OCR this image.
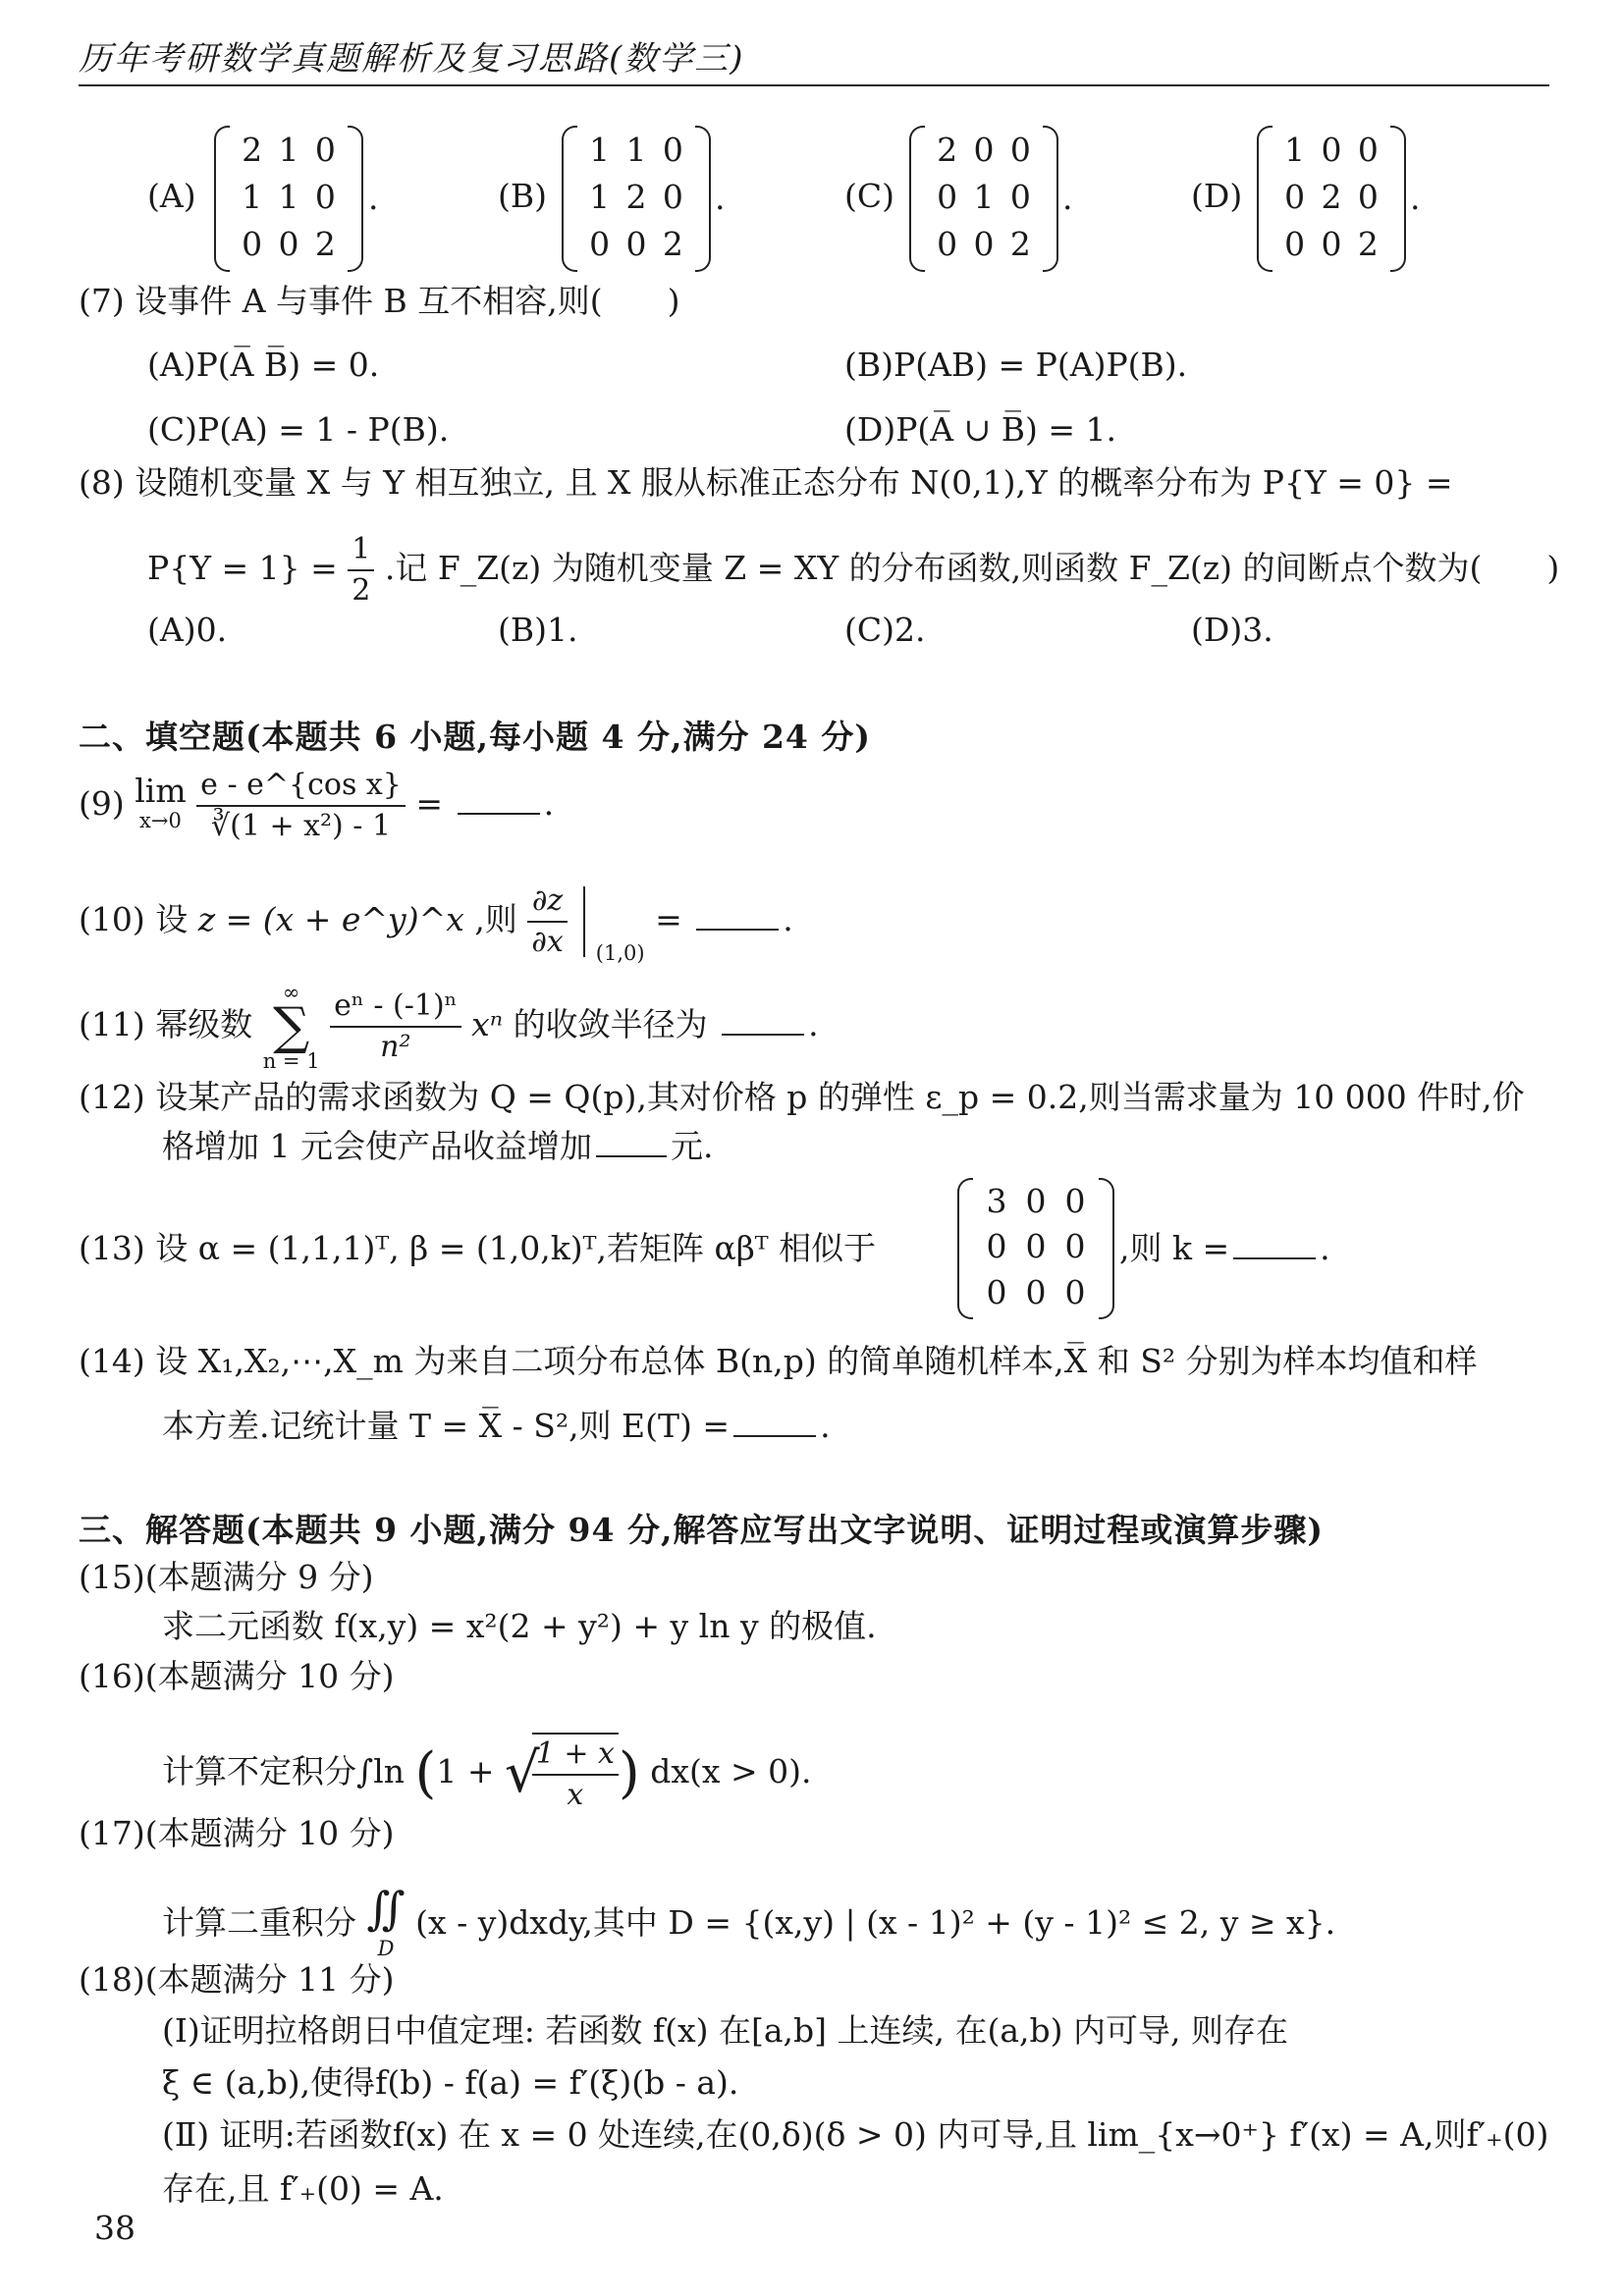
历年考研数学真题解析及复习思路(数学三)
(A)
2 1 0
1 1 0
0 0 2
.	(B)
1 1 0
1 2 0
0 0 2
.	(C)
2 0 0
0 1 0
0 0 2
.	(D)
1 0 0
0 2 0
0 0 2
.
(7) 设事件 A 与事件 B 互不相容,则(　　)
(A)P(A̅ B̅) = 0.	(B)P(AB) = P(A)P(B).
(C)P(A) = 1 - P(B).	(D)P(A̅ ∪ B̅) = 1.
(8) 设随机变量 X 与 Y 相互独立, 且 X 服从标准正态分布 N(0,1),Y 的概率分布为 P{Y = 0} =
$P\{Y = 1\} = \frac{1}{2}$ .记 F_Z(z) 为随机变量 Z = XY 的分布函数,则函数 F_Z(z) 的间断点个数为(　　)
(A)0.	(B)1.	(C)2.	(D)3.
二、填空题(本题共 6 小题,每小题 4 分,满分 24 分)
(9) lim
x→0
$\frac{\text{e - e\textasciicircum{}\{cos x\}}}{\text{∛(1 + x²) - 1}}$ =	.
(10) 设 z = (x + e^y)^x ,则 $\frac{\partial z}{\partial x} _{(1,0)}$ =	.
(11) 幂级数
∞
∑
n = 1
$\frac{\text{eⁿ - (-1)ⁿ}}{\text{n²}}$ xⁿ 的收敛半径为	.
(12) 设某产品的需求函数为 Q = Q(p),其对价格 p 的弹性 ε_p = 0.2,则当需求量为 10 000 件时,价
格增加 1 元会使产品收益增加 元.
(13) 设 α = (1,1,1)ᵀ, β = (1,0,k)ᵀ,若矩阵 αβᵀ 相似于
3 0 0
0 0 0
0 0 0
,则 k =	.
(14) 设 X₁,X₂,⋯,X_m 为来自二项分布总体 B(n,p) 的简单随机样本,X̅ 和 S² 分别为样本均值和样
本方差.记统计量 T = X̅ - S²,则 E(T) =	.
三、解答题(本题共 9 小题,满分 94 分,解答应写出文字说明、证明过程或演算步骤)
(15)(本题满分 9 分)
求二元函数 f(x,y) = x²(2 + y²) + y ln y 的极值.
(16)(本题满分 10 分)
计算不定积分∫ln (1 + √
$\frac{1 + x}{x}$ ) dx(x > 0).
(17)(本题满分 10 分)
计算二重积分 ∬
D
(x - y)dxdy,其中 D = {(x,y) | (x - 1)² + (y - 1)² ≤ 2, y ≥ x}.
(18)(本题满分 11 分)
(Ⅰ)证明拉格朗日中值定理: 若函数 f(x) 在[a,b] 上连续, 在(a,b) 内可导, 则存在
ξ ∈ (a,b),使得f(b) - f(a) = f′(ξ)(b - a).
(Ⅱ) 证明:若函数f(x) 在 x = 0 处连续,在(0,δ)(δ > 0) 内可导,且 lim_{x→0⁺} f′(x) = A,则f′₊(0)
存在,且 f′₊(0) = A.
38
